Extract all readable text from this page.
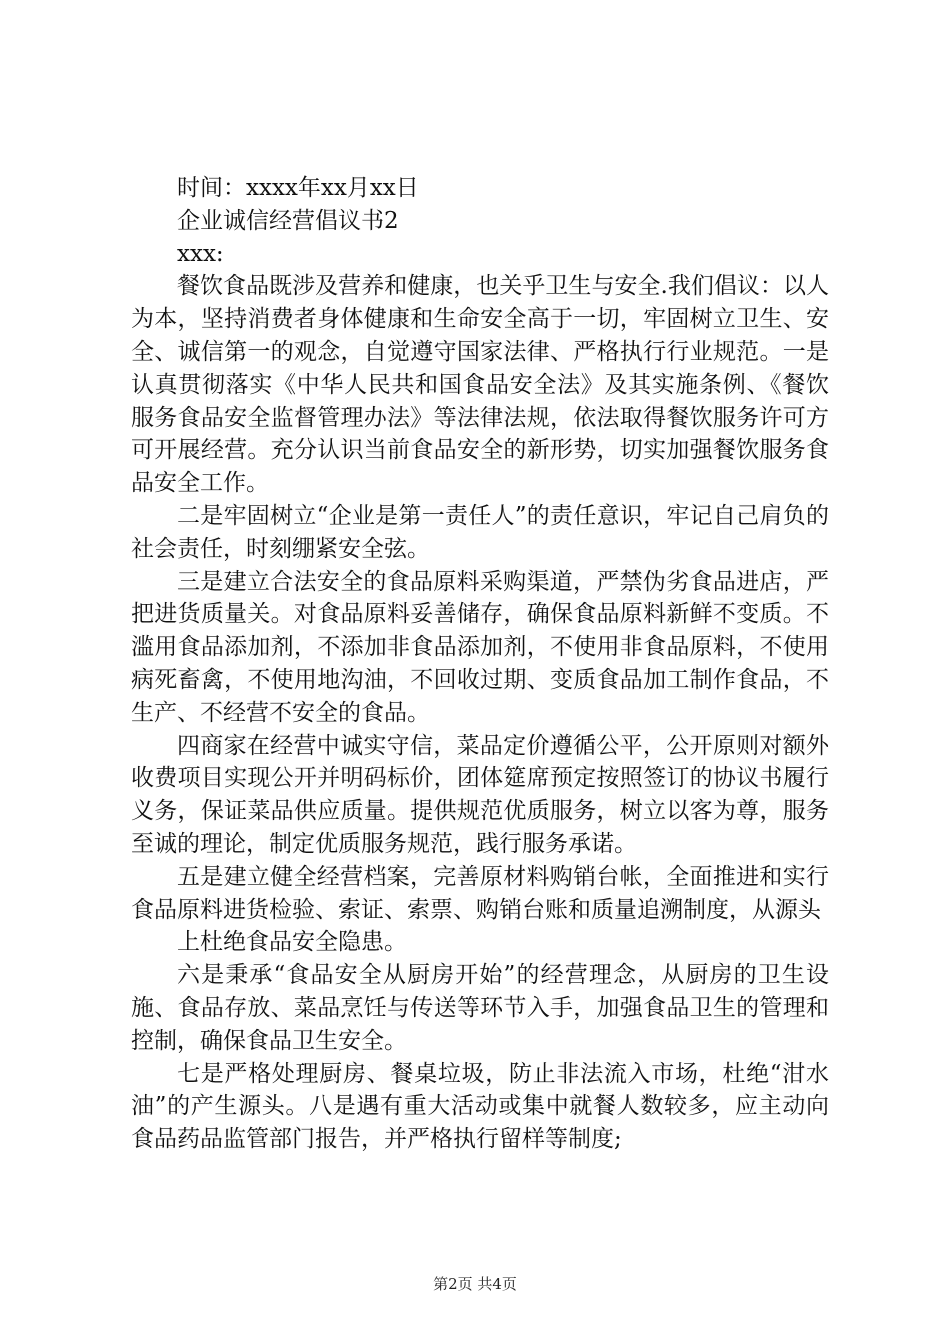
时间：xxxx年xx月xx日

企业诚信经营倡议书2

xxx:

餐饮食品既涉及营养和健康，也关乎卫生与安全.我们倡议：以人为本，坚持消费者身体健康和生命安全高于一切，牢固树立卫生、安全、诚信第一的观念，自觉遵守国家法律、严格执行行业规范。一是认真贯彻落实《中华人民共和国食品安全法》及其实施条例、《餐饮服务食品安全监督管理办法》等法律法规，依法取得餐饮服务许可方可开展经营。充分认识当前食品安全的新形势，切实加强餐饮服务食品安全工作。

二是牢固树立“企业是第一责任人”的责任意识，牢记自己肩负的社会责任，时刻绷紧安全弦。

三是建立合法安全的食品原料采购渠道，严禁伪劣食品进店，严把进货质量关。对食品原料妥善储存，确保食品原料新鲜不变质。不滥用食品添加剂，不添加非食品添加剂，不使用非食品原料，不使用病死畜禽，不使用地沟油，不回收过期、变质食品加工制作食品，不生产、不经营不安全的食品。

四商家在经营中诚实守信，菜品定价遵循公平，公开原则对额外收费项目实现公开并明码标价，团体筵席预定按照签订的协议书履行义务，保证菜品供应质量。提供规范优质服务，树立以客为尊，服务至诚的理论，制定优质服务规范，践行服务承诺。

五是建立健全经营档案，完善原材料购销台帐，全面推进和实行食品原料进货检验、索证、索票、购销台账和质量追溯制度，从源头

上杜绝食品安全隐患。

六是秉承“食品安全从厨房开始”的经营理念，从厨房的卫生设施、食品存放、菜品烹饪与传送等环节入手，加强食品卫生的管理和控制，确保食品卫生安全。

七是严格处理厨房、餐桌垃圾，防止非法流入市场，杜绝“泔水油”的产生源头。八是遇有重大活动或集中就餐人数较多，应主动向食品药品监管部门报告，并严格执行留样等制度;

第2页 共4页
